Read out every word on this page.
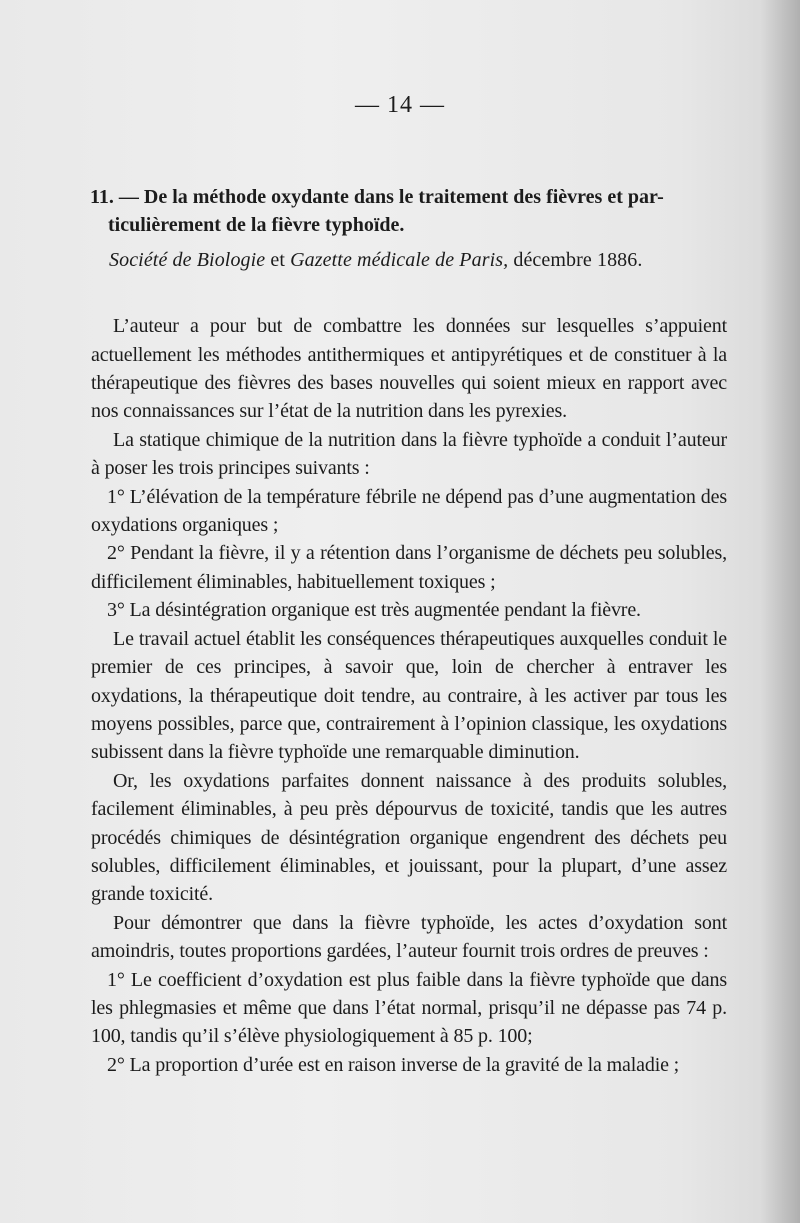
— 14 —

11. — De la méthode oxydante dans le traitement des fièvres et par-
ticulièrement de la fièvre typhoïde.

Société de Biologie et Gazette médicale de Paris, décembre 1886.

L’auteur a pour but de combattre les données sur lesquelles s’appuient actuellement les méthodes antithermiques et antipyrétiques et de constituer à la thérapeutique des fièvres des bases nouvelles qui soient mieux en rapport avec nos connaissances sur l’état de la nutrition dans les pyrexies.

La statique chimique de la nutrition dans la fièvre typhoïde a conduit l’auteur à poser les trois principes suivants :

1° L’élévation de la température fébrile ne dépend pas d’une augmentation des oxydations organiques ;

2° Pendant la fièvre, il y a rétention dans l’organisme de déchets peu solubles, difficilement éliminables, habituellement toxiques ;

3° La désintégration organique est très augmentée pendant la fièvre.

Le travail actuel établit les conséquences thérapeutiques auxquelles conduit le premier de ces principes, à savoir que, loin de chercher à entraver les oxydations, la thérapeutique doit tendre, au contraire, à les activer par tous les moyens possibles, parce que, contrairement à l’opinion classique, les oxydations subissent dans la fièvre typhoïde une remarquable diminution.

Or, les oxydations parfaites donnent naissance à des produits solubles, facilement éliminables, à peu près dépourvus de toxicité, tandis que les autres procédés chimiques de désintégration organique engendrent des déchets peu solubles, difficilement éliminables, et jouissant, pour la plupart, d’une assez grande toxicité.

Pour démontrer que dans la fièvre typhoïde, les actes d’oxydation sont amoindris, toutes proportions gardées, l’auteur fournit trois ordres de preuves :

1° Le coefficient d’oxydation est plus faible dans la fièvre typhoïde que dans les phlegmasies et même que dans l’état normal, prisqu’il ne dépasse pas 74 p. 100, tandis qu’il s’élève physiologiquement à 85 p. 100;

2° La proportion d’urée est en raison inverse de la gravité de la maladie ;
